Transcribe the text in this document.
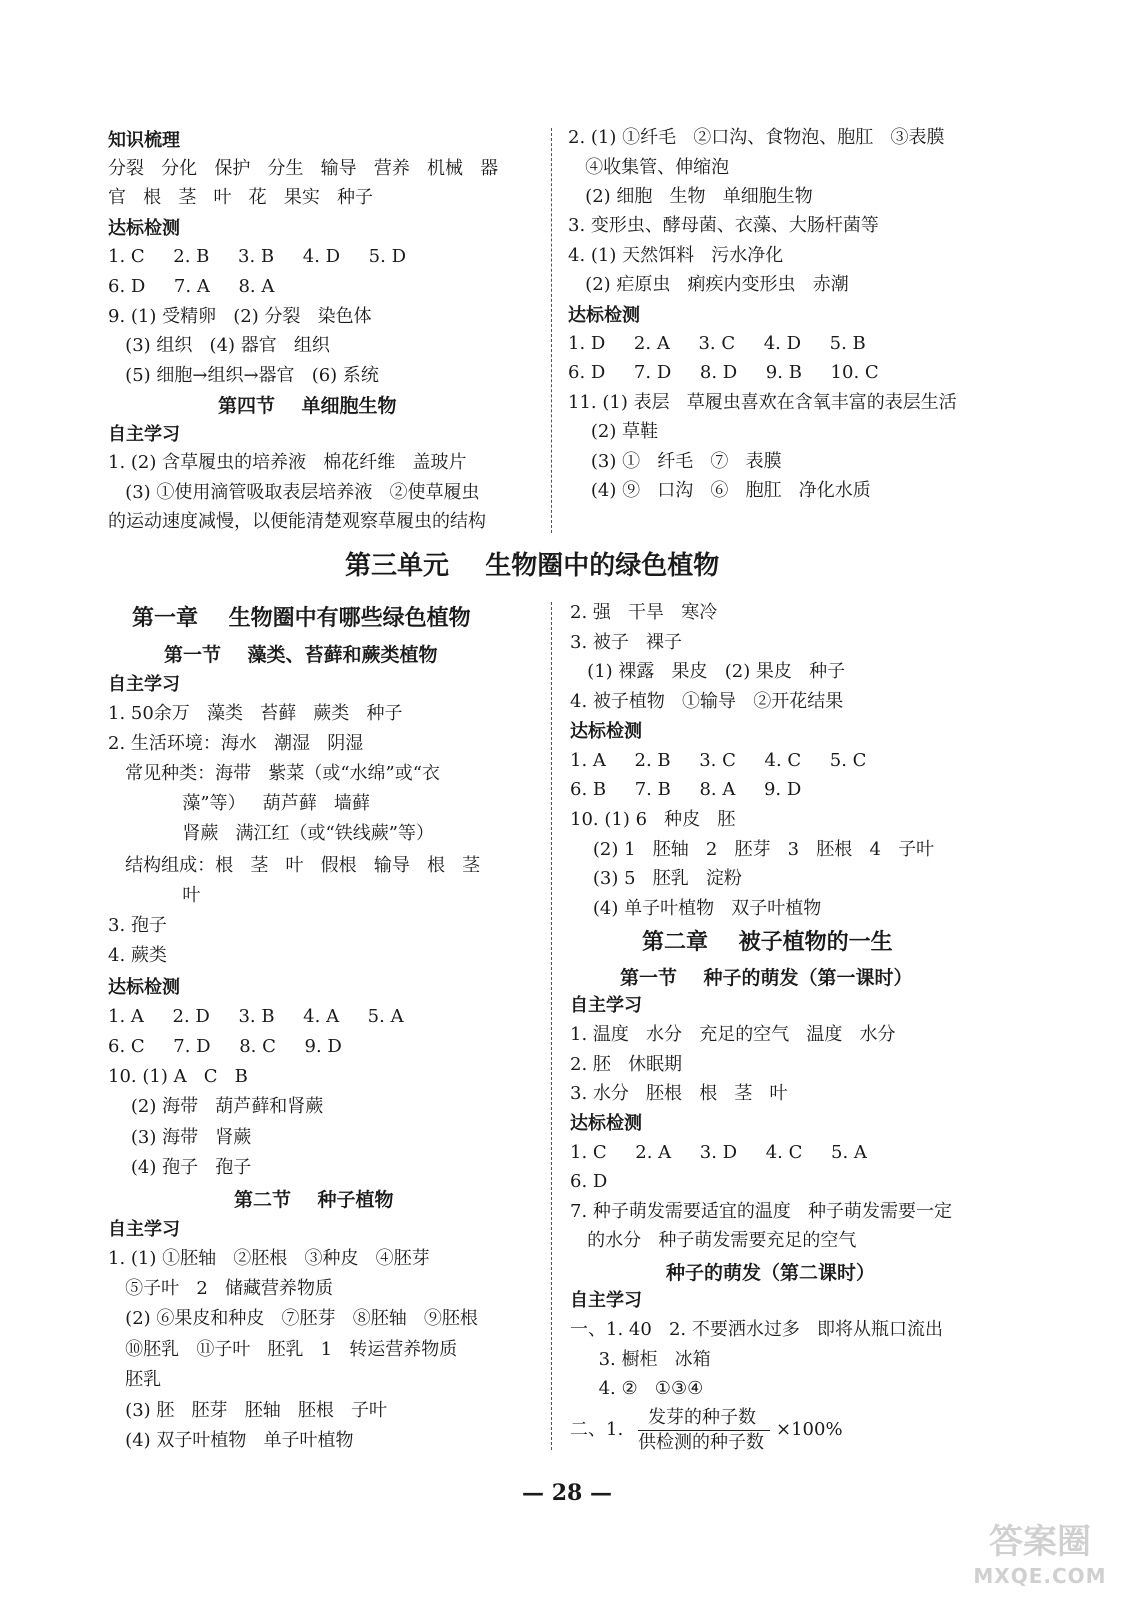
知识梳理
分裂   分化   保护   分生   输导   营养   机械   器
官   根   茎   叶   花   果实   种子
达标检测
1. C     2. B     3. B     4. D     5. D
6. D     7. A     8. A
9. (1) 受精卵   (2) 分裂   染色体
(3) 组织   (4) 器官   组织
(5) 细胞→组织→器官   (6) 系统
第四节    单细胞生物
自主学习
1. (2) 含草履虫的培养液   棉花纤维   盖玻片
(3) ①使用滴管吸取表层培养液   ②使草履虫
的运动速度减慢，以便能清楚观察草履虫的结构
2. (1) ①纤毛   ②口沟、食物泡、胞肛   ③表膜
④收集管、伸缩泡
(2) 细胞   生物   单细胞生物
3. 变形虫、酵母菌、衣藻、大肠杆菌等
4. (1) 天然饵料   污水净化
(2) 疟原虫   痢疾内变形虫   赤潮
达标检测
1. D     2. A     3. C     4. D     5. B
6. D     7. D     8. D     9. B     10. C
11. (1) 表层   草履虫喜欢在含氧丰富的表层生活
(2) 草鞋
(3) ①   纤毛   ⑦   表膜
(4) ⑨   口沟   ⑥   胞肛   净化水质
第三单元    生物圈中的绿色植物
第一章    生物圈中有哪些绿色植物
第一节    藻类、苔藓和蕨类植物
自主学习
1. 50余万   藻类   苔藓   蕨类   种子
2. 生活环境：海水   潮湿   阴湿
常见种类：海带   紫菜（或“水绵”或“衣
藻”等）   葫芦藓   墙藓
肾蕨   满江红（或“铁线蕨”等）
结构组成：根   茎   叶   假根   输导   根   茎
叶
3. 孢子
4. 蕨类
达标检测
1. A     2. D     3. B     4. A     5. A
6. C     7. D     8. C     9. D
10. (1) A   C   B
(2) 海带   葫芦藓和肾蕨
(3) 海带   肾蕨
(4) 孢子   孢子
第二节    种子植物
自主学习
1. (1) ①胚轴   ②胚根   ③种皮   ④胚芽
⑤子叶   2   储藏营养物质
(2) ⑥果皮和种皮   ⑦胚芽   ⑧胚轴   ⑨胚根
⑩胚乳   ⑪子叶   胚乳   1   转运营养物质
胚乳
(3) 胚   胚芽   胚轴   胚根   子叶
(4) 双子叶植物   单子叶植物
2. 强   干旱   寒冷
3. 被子   裸子
(1) 裸露   果皮   (2) 果皮   种子
4. 被子植物   ①输导   ②开花结果
达标检测
1. A     2. B     3. C     4. C     5. C
6. B     7. B     8. A     9. D
10. (1) 6   种皮   胚
(2) 1   胚轴   2   胚芽   3   胚根   4   子叶
(3) 5   胚乳   淀粉
(4) 单子叶植物   双子叶植物
第二章    被子植物的一生
第一节    种子的萌发（第一课时）
自主学习
1. 温度   水分   充足的空气   温度   水分
2. 胚   休眠期
3. 水分   胚根   根   茎   叶
达标检测
1. C     2. A     3. D     4. C     5. A
6. D
7. 种子萌发需要适宜的温度   种子萌发需要一定
的水分   种子萌发需要充足的空气
种子的萌发（第二课时）
自主学习
一、1. 40   2. 不要洒水过多   即将从瓶口流出
3. 橱柜   冰箱
4. ②   ①③④
二、1.
发芽的种子数
供检测的种子数
×100%
— 28 —
答案圈
MXQE.COM
